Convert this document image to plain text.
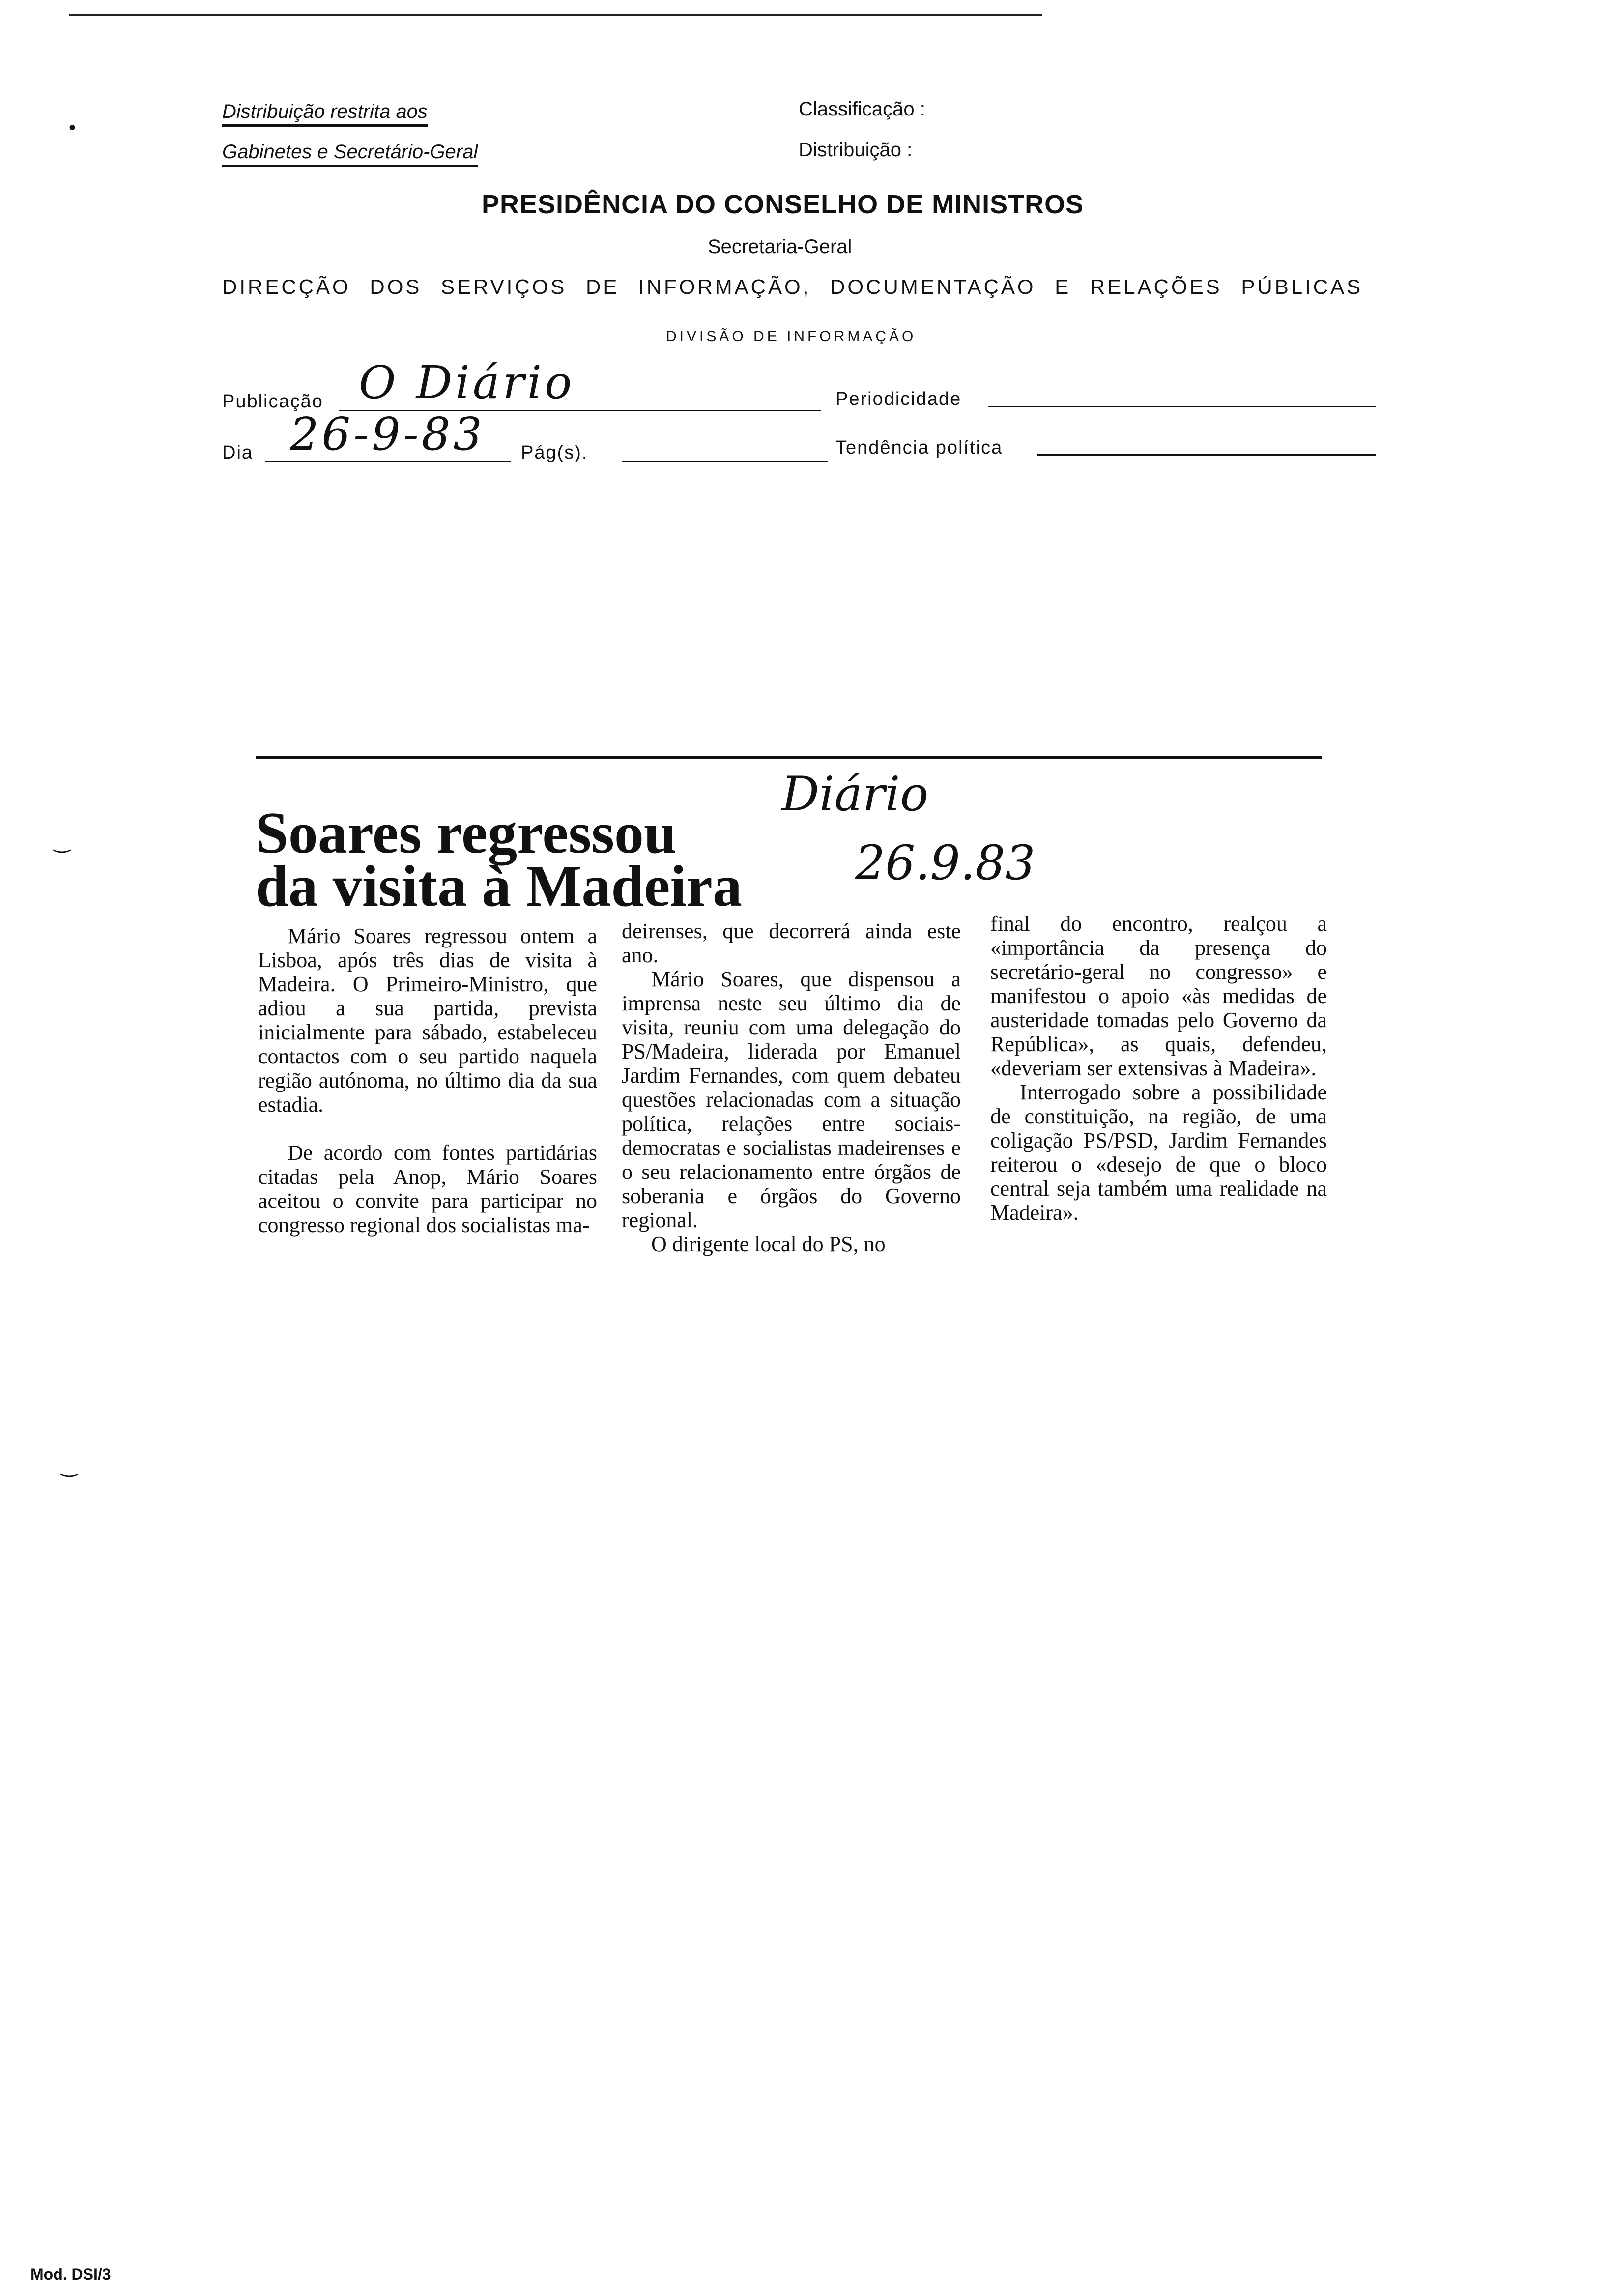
Distribuição restrita aos
Gabinetes e Secretário-Geral
Classificação :
Distribuição :
PRESIDÊNCIA DO CONSELHO DE MINISTROS
Secretaria-Geral
DIRECÇÃO DOS SERVIÇOS DE INFORMAÇÃO, DOCUMENTAÇÃO E RELAÇÕES PÚBLICAS
DIVISÃO DE INFORMAÇÃO
Publicação O Diário	Periodicidade
Dia 26-9-83 Pág(s).	Tendência política
Soares regressou
da visita à Madeira
Diário
26.9.83

Mário Soares regressou ontem a Lisboa, após três dias de visita à Madeira. O Primeiro-Ministro, que adiou a sua partida, prevista inicialmente para sábado, estabeleceu contactos com o seu partido naquela região autónoma, no último dia da sua estadia.

De acordo com fontes partidárias citadas pela Anop, Mário Soares aceitou o convite para participar no congresso regional dos socialistas ma-

deirenses, que decorrerá ainda este ano.

Mário Soares, que dispensou a imprensa neste seu último dia de visita, reuniu com uma delegação do PS/Madeira, liderada por Emanuel Jardim Fernandes, com quem debateu questões relacionadas com a situação política, relações entre sociais-democratas e socialistas madeirenses e o seu relacionamento entre órgãos de soberania e órgãos do Governo regional.

O dirigente local do PS, no

final do encontro, realçou a «importância da presença do secretário-geral no congresso» e manifestou o apoio «às medidas de austeridade tomadas pelo Governo da República», as quais, defendeu, «deveriam ser extensivas à Madeira».

Interrogado sobre a possibilidade de constituição, na região, de uma coligação PS/PSD, Jardim Fernandes reiterou o «desejo de que o bloco central seja também uma realidade na Madeira».

•
‿
‿
Mod. DSI/3
